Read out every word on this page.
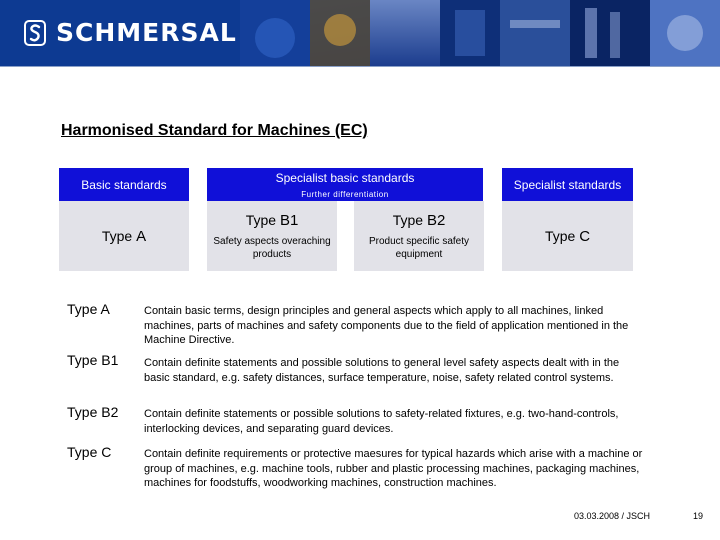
SCHMERSAL
Harmonised Standard for Machines (EC)
Basic standards
Type A
Specialist basic standards
Further differentiation
Type B1
Safety aspects overaching products
Type B2
Product specific safety equipment
Specialist standards
Type C
Type A	Contain basic terms, design principles and general aspects which apply to all machines, linked machines, parts of machines and safety components due to the field of application mentioned in the Machine Directive.
Type B1 Contain definite statements and possible solutions to general level safety aspects dealt with in the basic standard, e.g. safety distances, surface temperature, noise, safety related control systems.
Type B2 Contain definite statements or possible solutions to safety-related fixtures, e.g. two-hand-controls, interlocking devices, and separating guard devices.
Type C	Contain definite requirements or protective maesures for typical hazards which arise with a machine or group of machines, e.g. machine tools, rubber and plastic processing machines, packaging machines, machines for foodstuffs, woodworking machines, construction machines.
03.03.2008 / JSCH	19
